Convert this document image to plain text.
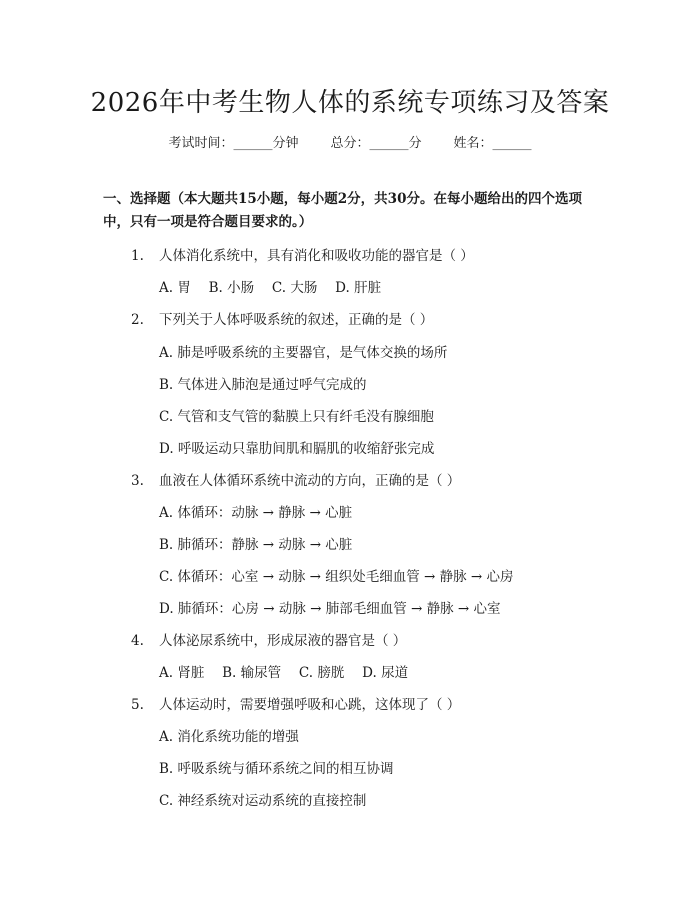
2026年中考生物人体的系统专项练习及答案
考试时间：______分钟 总分：______分 姓名：______
一、选择题（本大题共15小题，每小题2分，共30分。在每小题给出的四个选项中，只有一项是符合题目要求的。）
1. 人体消化系统中，具有消化和吸收功能的器官是（ ）
A. 胃　 B. 小肠　 C. 大肠　 D. 肝脏
2. 下列关于人体呼吸系统的叙述，正确的是（ ）
A. 肺是呼吸系统的主要器官，是气体交换的场所
B. 气体进入肺泡是通过呼气完成的
C. 气管和支气管的黏膜上只有纤毛没有腺细胞
D. 呼吸运动只靠肋间肌和膈肌的收缩舒张完成
3. 血液在人体循环系统中流动的方向，正确的是（ ）
A. 体循环：动脉 → 静脉 → 心脏
B. 肺循环：静脉 → 动脉 → 心脏
C. 体循环：心室 → 动脉 → 组织处毛细血管 → 静脉 → 心房
D. 肺循环：心房 → 动脉 → 肺部毛细血管 → 静脉 → 心室
4. 人体泌尿系统中，形成尿液的器官是（ ）
A. 肾脏　 B. 输尿管　 C. 膀胱　 D. 尿道
5. 人体运动时，需要增强呼吸和心跳，这体现了（ ）
A. 消化系统功能的增强
B. 呼吸系统与循环系统之间的相互协调
C. 神经系统对运动系统的直接控制
